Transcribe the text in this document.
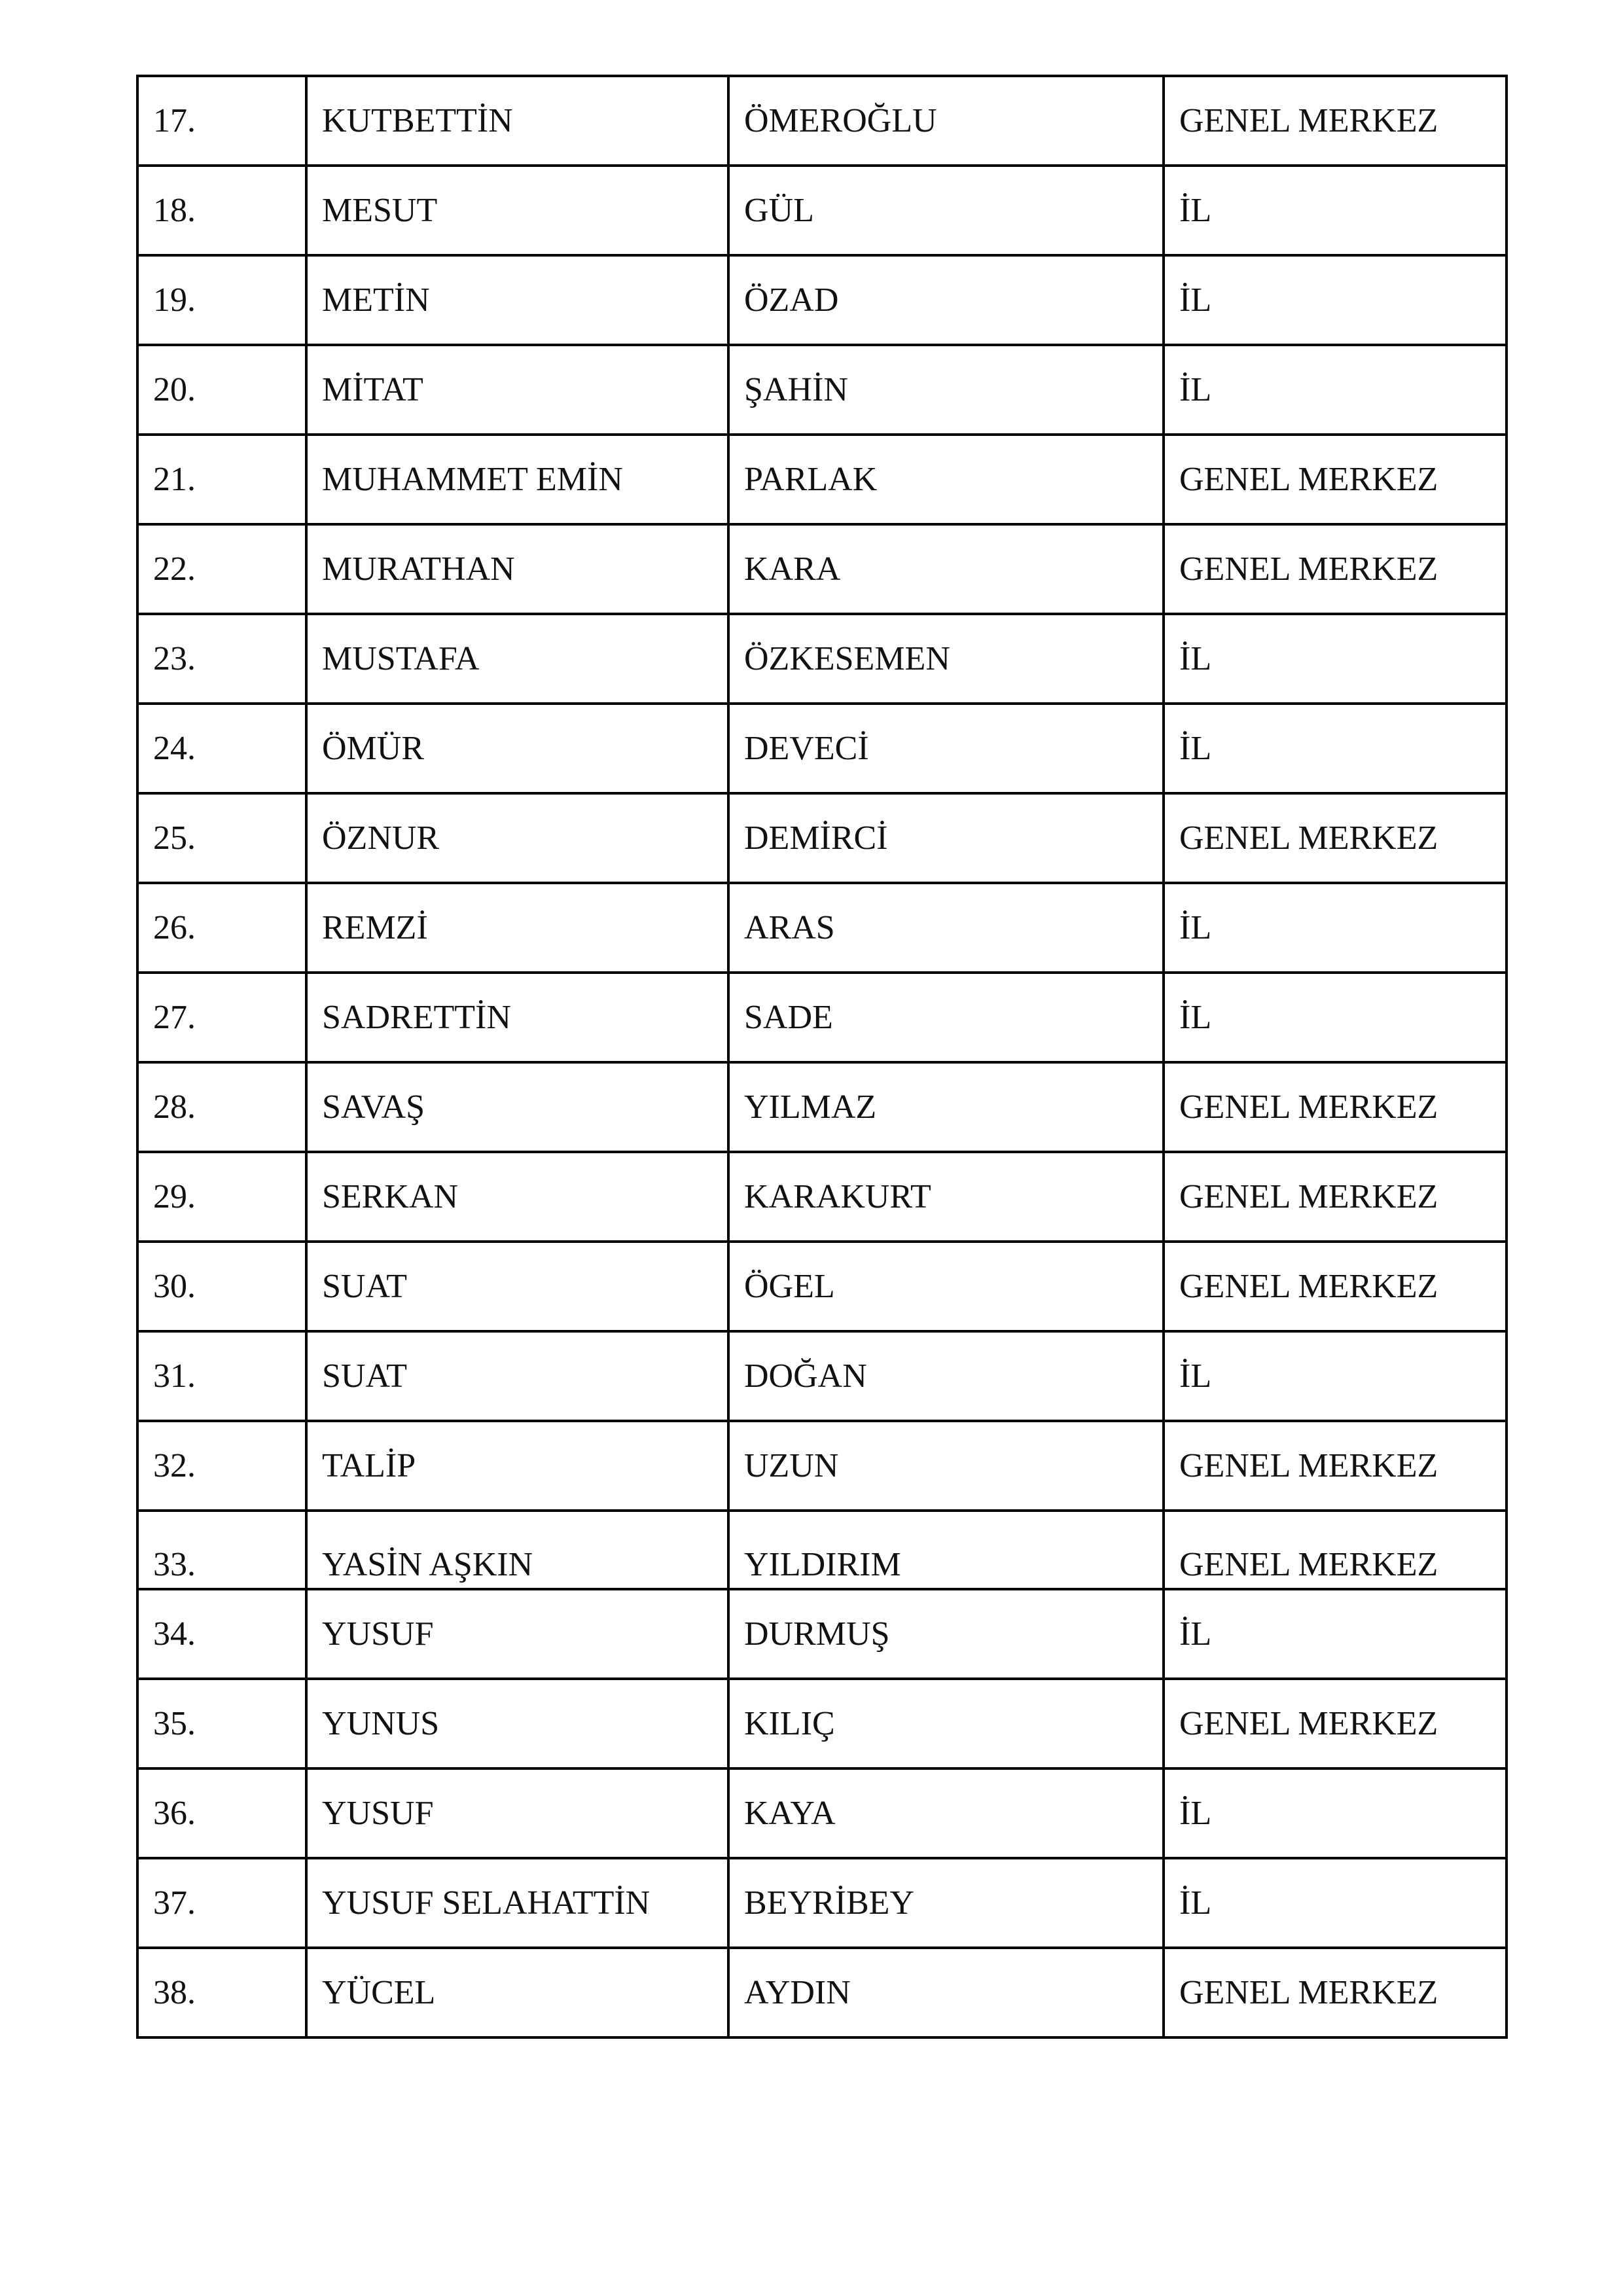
17.	KUTBETTİN	ÖMEROĞLU	GENEL MERKEZ
18.	MESUT	GÜL	İL
19.	METİN	ÖZAD	İL
20.	MİTAT	ŞAHİN	İL
21.	MUHAMMET EMİN	PARLAK	GENEL MERKEZ
22.	MURATHAN	KARA	GENEL MERKEZ
23.	MUSTAFA	ÖZKESEMEN	İL
24.	ÖMÜR	DEVECİ	İL
25.	ÖZNUR	DEMİRCİ	GENEL MERKEZ
26.	REMZİ	ARAS	İL
27.	SADRETTİN	SADE	İL
28.	SAVAŞ	YILMAZ	GENEL MERKEZ
29.	SERKAN	KARAKURT	GENEL MERKEZ
30.	SUAT	ÖGEL	GENEL MERKEZ
31.	SUAT	DOĞAN	İL
32.	TALİP	UZUN	GENEL MERKEZ
33.	YASİN AŞKIN	YILDIRIM	GENEL MERKEZ
34.	YUSUF	DURMUŞ	İL
35.	YUNUS	KILIÇ	GENEL MERKEZ
36.	YUSUF	KAYA	İL
37.	YUSUF SELAHATTİN	BEYRİBEY	İL
38.	YÜCEL	AYDIN	GENEL MERKEZ
